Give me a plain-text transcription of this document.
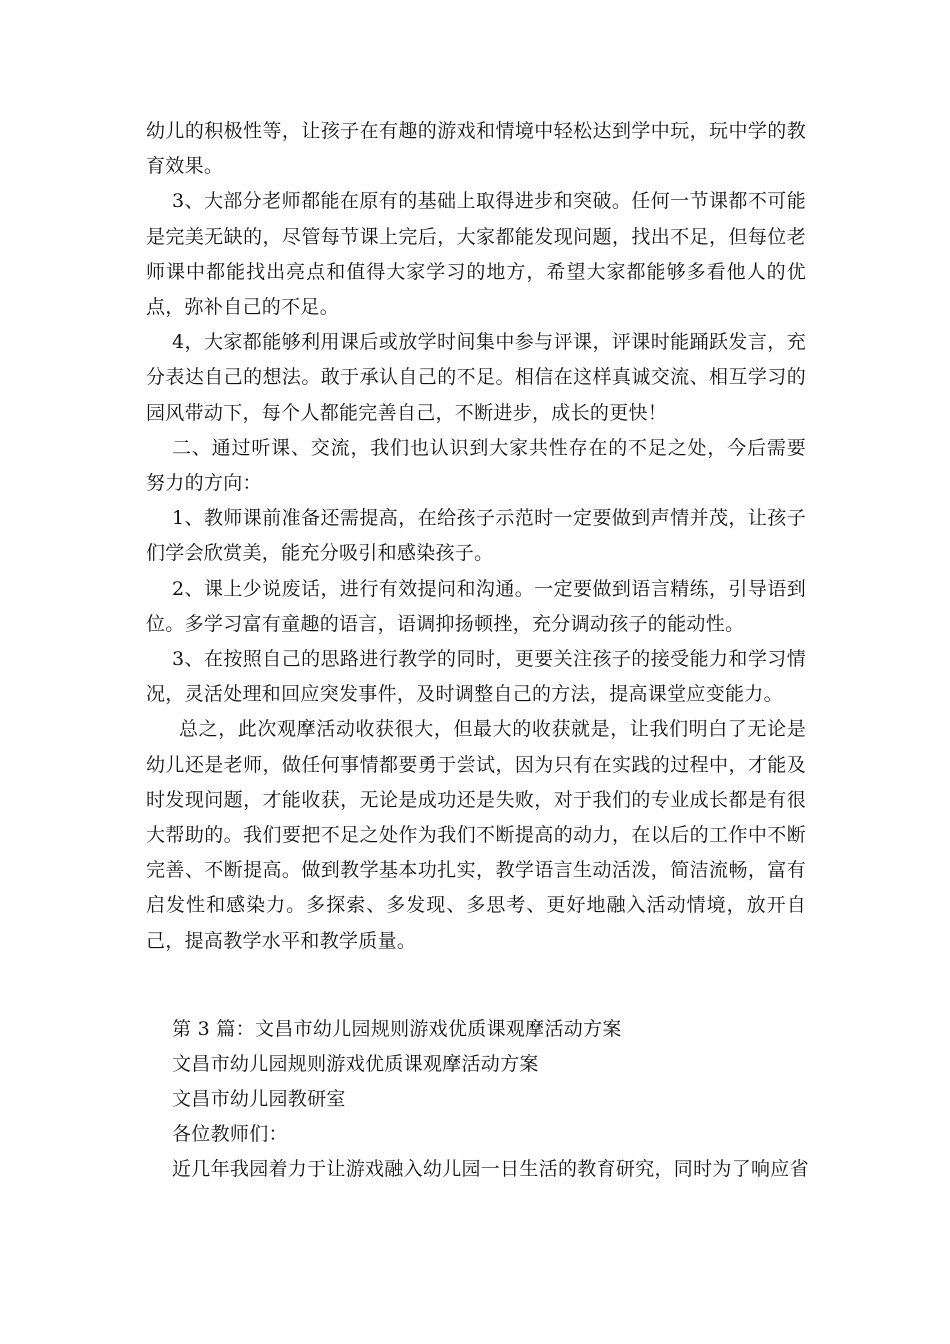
幼儿的积极性等，让孩子在有趣的游戏和情境中轻松达到学中玩，玩中学的教育效果。

3、大部分老师都能在原有的基础上取得进步和突破。任何一节课都不可能是完美无缺的，尽管每节课上完后，大家都能发现问题，找出不足，但每位老师课中都能找出亮点和值得大家学习的地方，希望大家都能够多看他人的优点，弥补自己的不足。

4，大家都能够利用课后或放学时间集中参与评课，评课时能踊跃发言，充分表达自己的想法。敢于承认自己的不足。相信在这样真诚交流、相互学习的园风带动下，每个人都能完善自己，不断进步，成长的更快！

二、通过听课、交流，我们也认识到大家共性存在的不足之处，今后需要努力的方向：

1、教师课前准备还需提高，在给孩子示范时一定要做到声情并茂，让孩子们学会欣赏美，能充分吸引和感染孩子。

2、课上少说废话，进行有效提问和沟通。一定要做到语言精练，引导语到位。多学习富有童趣的语言，语调抑扬顿挫，充分调动孩子的能动性。

3、在按照自己的思路进行教学的同时，更要关注孩子的接受能力和学习情况，灵活处理和回应突发事件，及时调整自己的方法，提高课堂应变能力。

总之，此次观摩活动收获很大，但最大的收获就是，让我们明白了无论是幼儿还是老师，做任何事情都要勇于尝试，因为只有在实践的过程中，才能及时发现问题，才能收获，无论是成功还是失败，对于我们的专业成长都是有很大帮助的。我们要把不足之处作为我们不断提高的动力，在以后的工作中不断完善、不断提高。做到教学基本功扎实，教学语言生动活泼，简洁流畅，富有启发性和感染力。多探索、多发现、多思考、更好地融入活动情境，放开自己，提高教学水平和教学质量。

第 3 篇：文昌市幼儿园规则游戏优质课观摩活动方案

文昌市幼儿园规则游戏优质课观摩活动方案

文昌市幼儿园教研室

各位教师们：

近几年我园着力于让游戏融入幼儿园一日生活的教育研究，同时为了响应省
